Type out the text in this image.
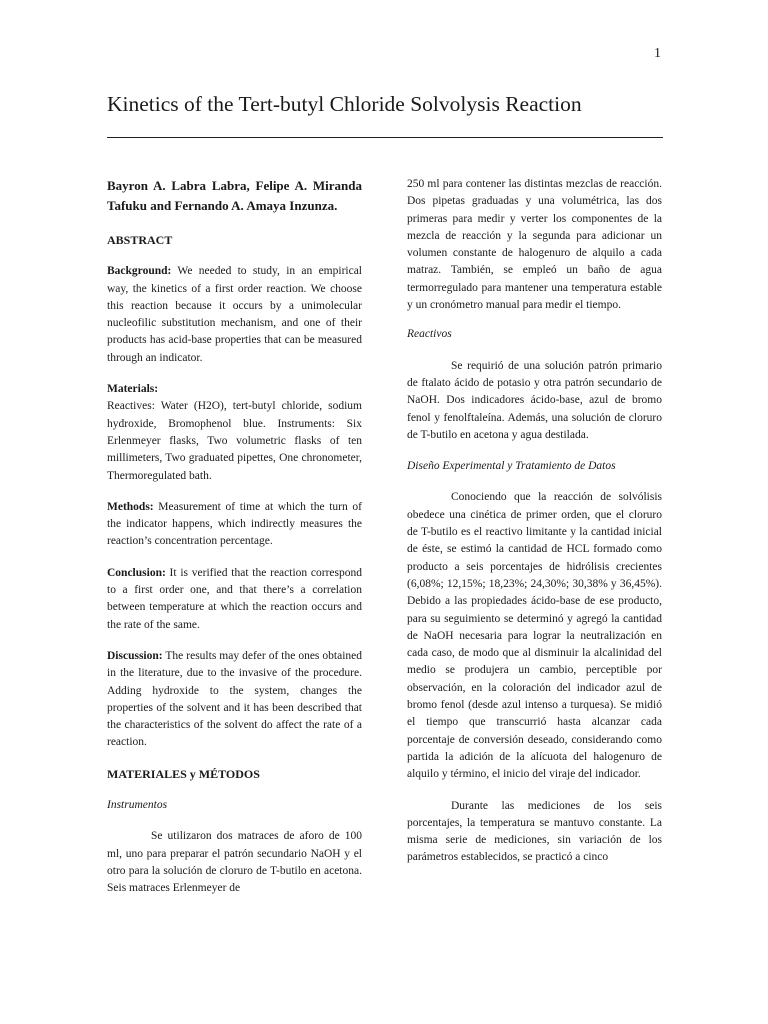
1
Kinetics of the Tert-butyl Chloride Solvolysis Reaction

Bayron A. Labra Labra, Felipe A. Miranda Tafuku and Fernando A. Amaya Inzunza.

ABSTRACT

Background: We needed to study, in an empirical way, the kinetics of a first order reaction. We choose this reaction because it occurs by a unimolecular nucleofilic substitution mechanism, and one of their products has acid-base properties that can be measured through an indicator.

Materials:

Reactives: Water (H2O), tert-butyl chloride, sodium hydroxide, Bromophenol blue. Instruments: Six Erlenmeyer flasks, Two volumetric flasks of ten millimeters, Two graduated pipettes, One chronometer, Thermoregulated bath.

Methods: Measurement of time at which the turn of the indicator happens, which indirectly measures the reaction’s concentration percentage.

Conclusion: It is verified that the reaction correspond to a first order one, and that there’s a correlation between temperature at which the reaction occurs and the rate of the same.

Discussion: The results may defer of the ones obtained in the literature, due to the invasive of the procedure. Adding hydroxide to the system, changes the properties of the solvent and it has been described that the characteristics of the solvent do affect the rate of a reaction.

MATERIALES y MÉTODOS
Instrumentos

Se utilizaron dos matraces de aforo de 100 ml, uno para preparar el patrón secundario NaOH y el otro para la solución de cloruro de T-butilo en acetona. Seis matraces Erlenmeyer de

250 ml para contener las distintas mezclas de reacción. Dos pipetas graduadas y una volumétrica, las dos primeras para medir y verter los componentes de la mezcla de reacción y la segunda para adicionar un volumen constante de halogenuro de alquilo a cada matraz. También, se empleó un baño de agua termorregulado para mantener una temperatura estable y un cronómetro manual para medir el tiempo.

Reactivos

Se requirió de una solución patrón primario de ftalato ácido de potasio y otra patrón secundario de NaOH. Dos indicadores ácido-base, azul de bromo fenol y fenolftaleína. Además, una solución de cloruro de T-butilo en acetona y agua destilada.

Diseño Experimental y Tratamiento de Datos

Conociendo que la reacción de solvólisis obedece una cinética de primer orden, que el cloruro de T-butilo es el reactivo limitante y la cantidad inicial de éste, se estimó la cantidad de HCL formado como producto a seis porcentajes de hidrólisis crecientes (6,08%; 12,15%; 18,23%; 24,30%; 30,38% y 36,45%). Debido a las propiedades ácido-base de ese producto, para su seguimiento se determinó y agregó la cantidad de NaOH necesaria para lograr la neutralización en cada caso, de modo que al disminuir la alcalinidad del medio se produjera un cambio, perceptible por observación, en la coloración del indicador azul de bromo fenol (desde azul intenso a turquesa). Se midió el tiempo que transcurrió hasta alcanzar cada porcentaje de conversión deseado, considerando como partida la adición de la alícuota del halogenuro de alquilo y término, el inicio del viraje del indicador.

Durante las mediciones de los seis porcentajes, la temperatura se mantuvo constante. La misma serie de mediciones, sin variación de los parámetros establecidos, se practicó a cinco
